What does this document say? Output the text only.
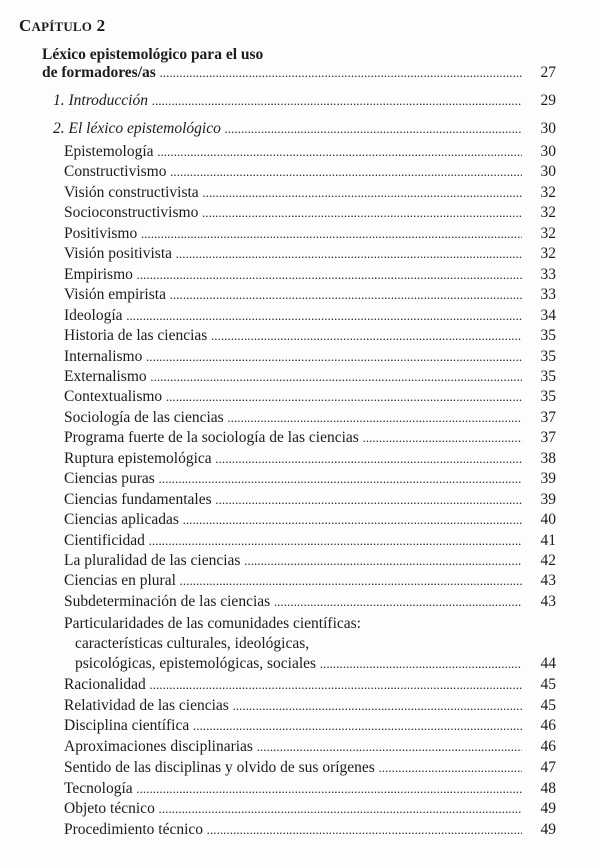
CAPÍTULO 2
Léxico epistemológico para el uso
de formadores/as . . .	27
1. Introducción . . .	29
2. El léxico epistemológico . . .	30
Epistemología . . .	30
Constructivismo . . .	30
Visión constructivista . . .	32
Socioconstructivismo . . .	32
Positivismo . . .	32
Visión positivista . . .	32
Empirismo . . .	33
Visión empirista . . .	33
Ideología . . .	34
Historia de las ciencias . . .	35
Internalismo . . .	35
Externalismo . . .	35
Contextualismo . . .	35
Sociología de las ciencias . . .	37
Programa fuerte de la sociología de las ciencias . . .	37
Ruptura epistemológica . . .	38
Ciencias puras . . .	39
Ciencias fundamentales . . .	39
Ciencias aplicadas . . .	40
Cientificidad . . .	41
La pluralidad de las ciencias . . .	42
Ciencias en plural . . .	43
Subdeterminación de las ciencias . . .	43
Particularidades de las comunidades científicas:
características culturales, ideológicas,
psicológicas, epistemológicas, sociales . . .	44
Racionalidad . . .	45
Relatividad de las ciencias . . .	45
Disciplina científica . . .	46
Aproximaciones disciplinarias . . .	46
Sentido de las disciplinas y olvido de sus orígenes . . .	47
Tecnología . . .	48
Objeto técnico . . .	49
Procedimiento técnico . . .	49
